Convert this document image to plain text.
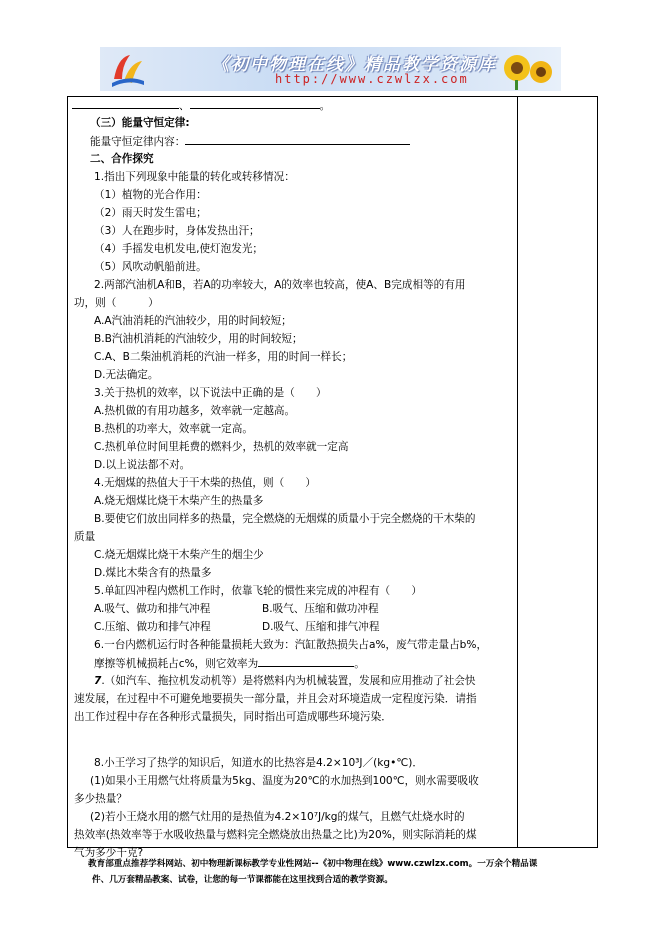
《初中物理在线》精品教学资源库
http://www.czwlzx.com
、	。
（三）能量守恒定律:
能量守恒定律内容：
二、合作探究
1.指出下列现象中能量的转化或转移情况：
（1）植物的光合作用：
（2）雨天时发生雷电；
（3）人在跑步时，身体发热出汗；
（4）手摇发电机发电,使灯泡发光；
（5）风吹动帆船前进。
2.两部汽油机A和B，若A的功率较大，A的效率也较高，使A、B完成相等的有用
功，则（　　　）
A.A汽油消耗的汽油较少，用的时间较短；
B.B汽油机消耗的汽油较少，用的时间较短；
C.A、B二柴油机消耗的汽油一样多，用的时间一样长；
D.无法确定。
3.关于热机的效率，以下说法中正确的是（　　）
A.热机做的有用功越多，效率就一定越高。
B.热机的功率大，效率就一定高。
C.热机单位时间里耗费的燃料少，热机的效率就一定高
D.以上说法都不对。
4.无烟煤的热值大于干木柴的热值，则（　　）
A.烧无烟煤比烧干木柴产生的热量多
B.要使它们放出同样多的热量，完全燃烧的无烟煤的质量小于完全燃烧的干木柴的
质量
C.烧无烟煤比烧干木柴产生的烟尘少
D.煤比木柴含有的热量多
5.单缸四冲程内燃机工作时，依靠飞轮的惯性来完成的冲程有（　　）
A.吸气、做功和排气冲程	B.吸气、压缩和做功冲程
C.压缩、做功和排气冲程	D.吸气、压缩和排气冲程
6.一台内燃机运行时各种能量损耗大致为：汽缸散热损失占a%，废气带走量占b%，
摩擦等机械损耗占c%，则它效率为	。
7.（如汽车、拖拉机发动机等）是将燃料内为机械装置，发展和应用推动了社会快
速发展，在过程中不可避免地要损失一部分量，并且会对环境造成一定程度污染．请指
出工作过程中存在各种形式量损失，同时指出可造成哪些环境污染．
8.小王学习了热学的知识后，知道水的比热容是4.2×10³J／(kg•℃)．
(1)如果小王用燃气灶将质量为5kg、温度为20℃的水加热到100℃，则水需要吸收
多少热量？
(2)若小王烧水用的燃气灶用的是热值为4.2×10⁷J/kg的煤气，且燃气灶烧水时的
热效率(热效率等于水吸收热量与燃料完全燃烧放出热量之比)为20%，则实际消耗的煤
气为多少千克?
教育部重点推荐学科网站、初中物理新课标教学专业性网站--《初中物理在线》www.czwlzx.com。一万余个精品课
件、几万套精品教案、试卷，让您的每一节课都能在这里找到合适的教学资源。
